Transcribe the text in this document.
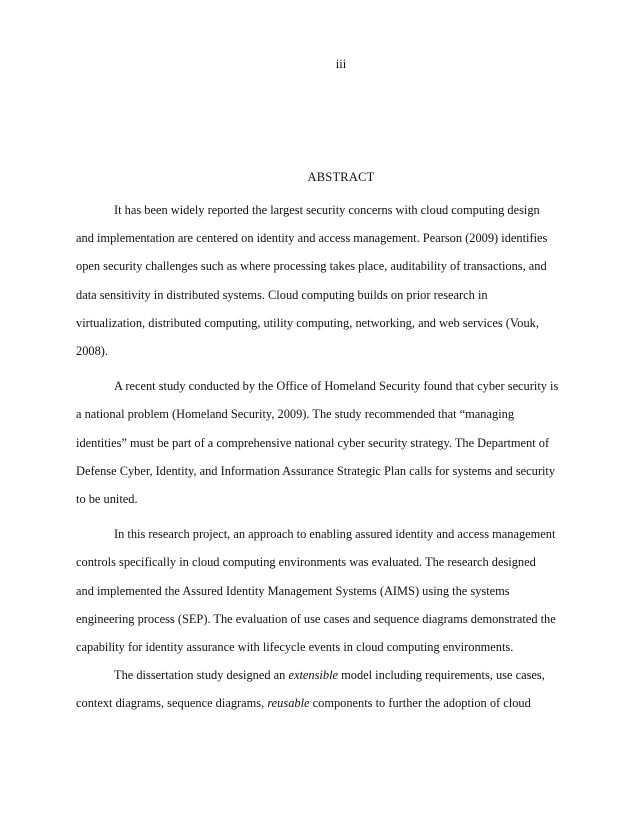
iii
ABSTRACT
It has been widely reported the largest security concerns with cloud computing design
and implementation are centered on identity and access management. Pearson (2009) identifies
open security challenges such as where processing takes place, auditability of transactions, and
data sensitivity in distributed systems. Cloud computing builds on prior research in
virtualization, distributed computing, utility computing, networking, and web services (Vouk,
2008).
A recent study conducted by the Office of Homeland Security found that cyber security is
a national problem (Homeland Security, 2009). The study recommended that “managing
identities” must be part of a comprehensive national cyber security strategy. The Department of
Defense Cyber, Identity, and Information Assurance Strategic Plan calls for systems and security
to be united.
In this research project, an approach to enabling assured identity and access management
controls specifically in cloud computing environments was evaluated. The research designed
and implemented the Assured Identity Management Systems (AIMS) using the systems
engineering process (SEP). The evaluation of use cases and sequence diagrams demonstrated the
capability for identity assurance with lifecycle events in cloud computing environments.
The dissertation study designed an extensible model including requirements, use cases,
context diagrams, sequence diagrams, reusable components to further the adoption of cloud
